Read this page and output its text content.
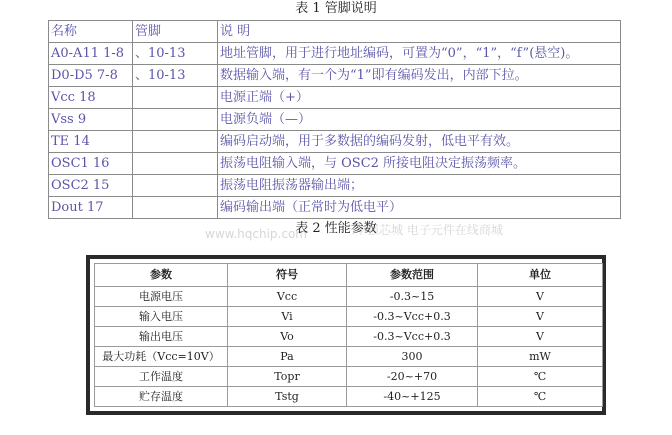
表 1 管脚说明
名称	管脚	说 明
A0-A11 1-8	、10-13	地址管脚，用于进行地址编码，可置为“0”，“1”，“f”(悬空)。
D0-D5 7-8	、10-13	数据输入端，有一个为“1”即有编码发出，内部下拉。
Vcc 18		电源正端（+）
Vss 9		电源负端（—）
TE 14		编码启动端，用于多数据的编码发射，低电平有效。
OSC1 16		振荡电阻输入端，与 OSC2 所接电阻决定振荡频率。
OSC2 15		振荡电阻振荡器输出端；
Dout 17		编码输出端（正常时为低电平）
www.hqchip.com	华强芯城 电子元件在线商城
表 2 性能参数
参数	符号	参数范围	单位
电源电压	Vcc	-0.3~15	V
输入电压	Vi	-0.3~Vcc+0.3	V
输出电压	Vo	-0.3~Vcc+0.3	V
最大功耗（Vcc=10V）	Pa	300	mW
工作温度	Topr	-20~+70	℃
贮存温度	Tstg	-40~+125	℃
